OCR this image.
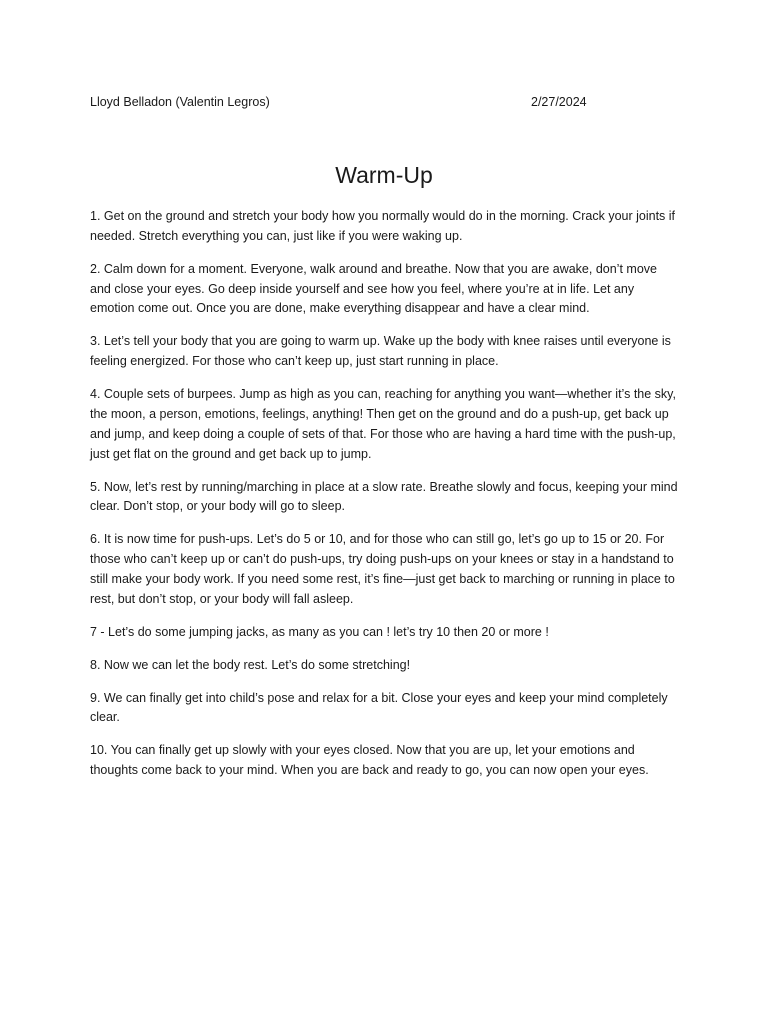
Lloyd Belladon (Valentin Legros)	2/27/2024
Warm-Up

1. Get on the ground and stretch your body how you normally would do in the morning. Crack your joints if needed. Stretch everything you can, just like if you were waking up.

2. Calm down for a moment. Everyone, walk around and breathe. Now that you are awake, don’t move and close your eyes. Go deep inside yourself and see how you feel, where you’re at in life. Let any emotion come out. Once you are done, make everything disappear and have a clear mind.

3. Let’s tell your body that you are going to warm up. Wake up the body with knee raises until everyone is feeling energized. For those who can’t keep up, just start running in place.

4. Couple sets of burpees. Jump as high as you can, reaching for anything you want—whether it’s the sky, the moon, a person, emotions, feelings, anything! Then get on the ground and do a push-up, get back up and jump, and keep doing a couple of sets of that. For those who are having a hard time with the push-up, just get flat on the ground and get back up to jump.

5. Now, let’s rest by running/marching in place at a slow rate. Breathe slowly and focus, keeping your mind clear. Don’t stop, or your body will go to sleep.

6. It is now time for push-ups. Let’s do 5 or 10, and for those who can still go, let’s go up to 15 or 20. For those who can’t keep up or can’t do push-ups, try doing push-ups on your knees or stay in a handstand to still make your body work. If you need some rest, it’s fine—just get back to marching or running in place to rest, but don’t stop, or your body will fall asleep.

7 - Let’s do some jumping jacks, as many as you can ! let’s try 10 then 20 or more !

8. Now we can let the body rest. Let’s do some stretching!

9. We can finally get into child’s pose and relax for a bit. Close your eyes and keep your mind completely clear.

10. You can finally get up slowly with your eyes closed. Now that you are up, let your emotions and thoughts come back to your mind. When you are back and ready to go, you can now open your eyes.
